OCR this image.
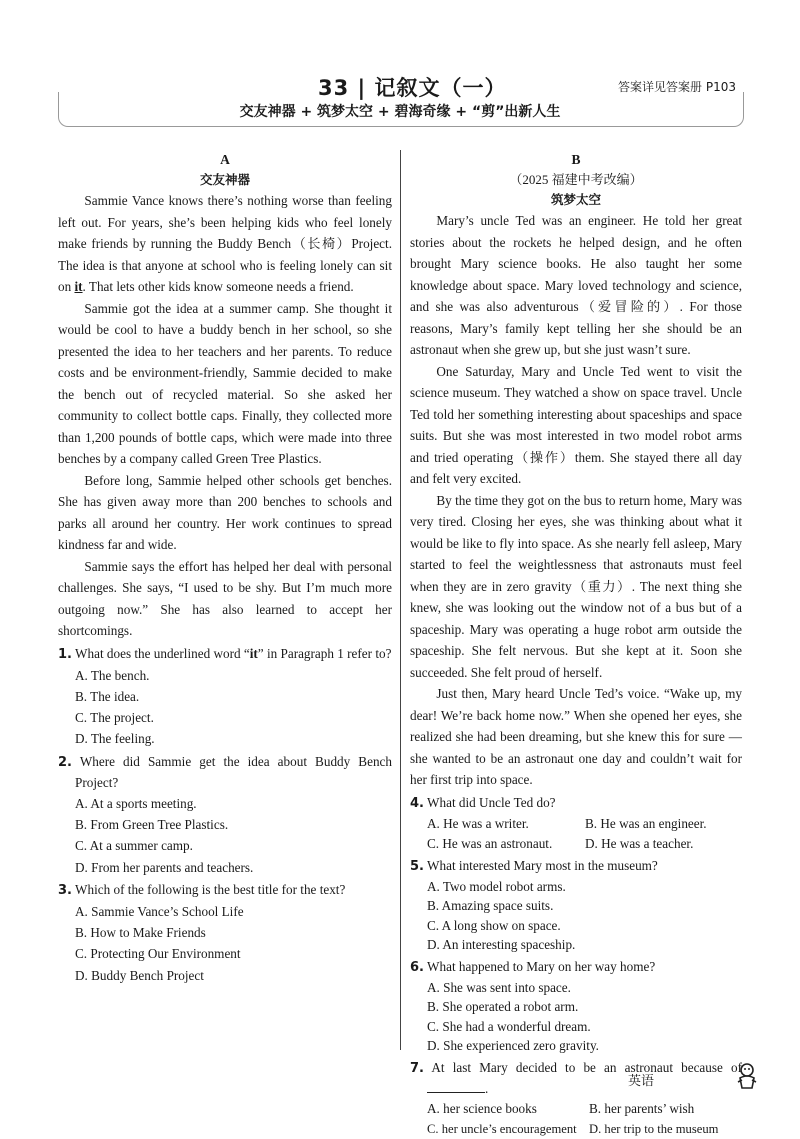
33 | 记叙文（一）	答案详见答案册 P103
交友神器 + 筑梦太空 + 碧海奇缘 + “剪”出新人生
A
交友神器

Sammie Vance knows there’s nothing worse than feeling left out. For years, she’s been helping kids who feel lonely make friends by running the Buddy Bench（长椅）Project. The idea is that anyone at school who is feeling lonely can sit on it. That lets other kids know someone needs a friend.

Sammie got the idea at a summer camp. She thought it would be cool to have a buddy bench in her school, so she presented the idea to her teachers and her parents. To reduce costs and be environment-friendly, Sammie decided to make the bench out of recycled material. So she asked her community to collect bottle caps. Finally, they collected more than 1,200 pounds of bottle caps, which were made into three benches by a company called Green Tree Plastics.

Before long, Sammie helped other schools get benches. She has given away more than 200 benches to schools and parks all around her country. Her work continues to spread kindness far and wide.

Sammie says the effort has helped her deal with personal challenges. She says, “I used to be shy. But I’m much more outgoing now.” She has also learned to accept her shortcomings.

1. What does the underlined word “it” in Paragraph 1 refer to?
A. The bench.
B. The idea.
C. The project.
D. The feeling.
2. Where did Sammie get the idea about Buddy Bench Project?
A. At a sports meeting.
B. From Green Tree Plastics.
C. At a summer camp.
D. From her parents and teachers.
3. Which of the following is the best title for the text?
A. Sammie Vance’s School Life
B. How to Make Friends
C. Protecting Our Environment
D. Buddy Bench Project
B
（2025 福建中考改编）
筑梦太空

Mary’s uncle Ted was an engineer. He told her great stories about the rockets he helped design, and he often brought Mary science books. He also taught her some knowledge about space. Mary loved technology and science, and she was also adventurous（爱冒险的）. For those reasons, Mary’s family kept telling her she should be an astronaut when she grew up, but she just wasn’t sure.

One Saturday, Mary and Uncle Ted went to visit the science museum. They watched a show on space travel. Uncle Ted told her something interesting about spaceships and space suits. But she was most interested in two model robot arms and tried operating（操作）them. She stayed there all day and felt very excited.

By the time they got on the bus to return home, Mary was very tired. Closing her eyes, she was thinking about what it would be like to fly into space. As she nearly fell asleep, Mary started to feel the weightlessness that astronauts must feel when they are in zero gravity（重力）. The next thing she knew, she was looking out the window not of a bus but of a spaceship. Mary was operating a huge robot arm outside the spaceship. She felt nervous. But she kept at it. Soon she succeeded. She felt proud of herself.

Just then, Mary heard Uncle Ted’s voice. “Wake up, my dear! We’re back home now.” When she opened her eyes, she realized she had been dreaming, but she knew this for sure — she wanted to be an astronaut one day and couldn’t wait for her first trip into space.

4. What did Uncle Ted do?
A. He was a writer.	B. He was an engineer.
C. He was an astronaut.	D. He was a teacher.
5. What interested Mary most in the museum?
A. Two model robot arms.
B. Amazing space suits.
C. A long show on space.
D. An interesting spaceship.
6. What happened to Mary on her way home?
A. She was sent into space.
B. She operated a robot arm.
C. She had a wonderful dream.
D. She experienced zero gravity.
7. At last Mary decided to be an astronaut because of .
A. her science books	B. her parents’ wish
C. her uncle’s encouragement D. her trip to the museum
英语
